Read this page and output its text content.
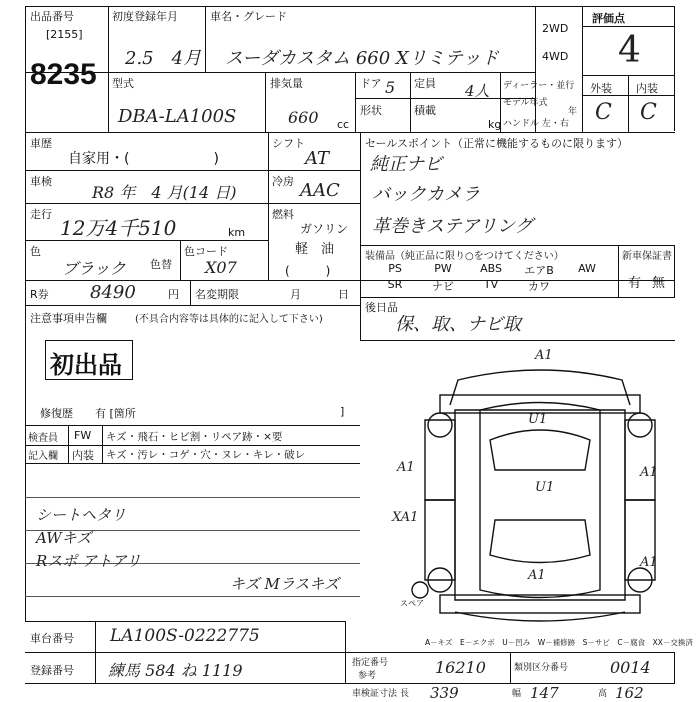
出品番号
[2155]
8235
初度登録年月
2.5　4月
車名・グレード
スーダカスタム 660 Xリミテッド
2WD
4WD
評価点
4
外装 内装
C C
型式
DBA-LA100S
排気量
660 cc
ドア 5 定員 4人
形状	積載
kg
ディーラー・並行
モデル年式
年
ハンドル 左・右
車歴
自家用・(　　　　　　)
シフト
AT
車検
R8 年　4 月(14 日)
冷房 AAC
走行
12万4千510	km
燃料
ガソリン
軽　油
(　　　)
色
ブラック 色替
色コード
X07
R券 8490	円 名変期限	月	日
注意事項申告欄	(不具合内容等は具体的に記入して下さい)
初出品
修復歴　　有 [箇所	]
セールスポイント（正常に機能するものに限ります）
純正ナビ
バックカメラ
革巻きステアリング
装備品（純正品に限り○をつけてください）	新車保証書
PS	PW	ABS	エアB	AW
SR	ナビ	TV	カワ	有 無
後日品
保、取、ナビ取
検査員
記入欄
FW
内装
キズ・飛石・ヒビ割・リペア跡・×要
キズ・汚レ・コゲ・穴・ヌレ・キレ・破レ
シートヘタリ
AWキズ
Rスポ アトアリ
キズ Mラスキズ
A1
U1
A1	A1
XA1
U1
A1
A1
スペア
A－キズ　E－エクボ　U－凹み　W－補修跡　S－サビ　C－腐食　XX－交換済
車台番号 LA100S-0222775
登録番号 練馬 584 ね 1119	指定番号
参考	16210	類別区分番号	0014
車検証寸法 長 339	幅 147	高 162
